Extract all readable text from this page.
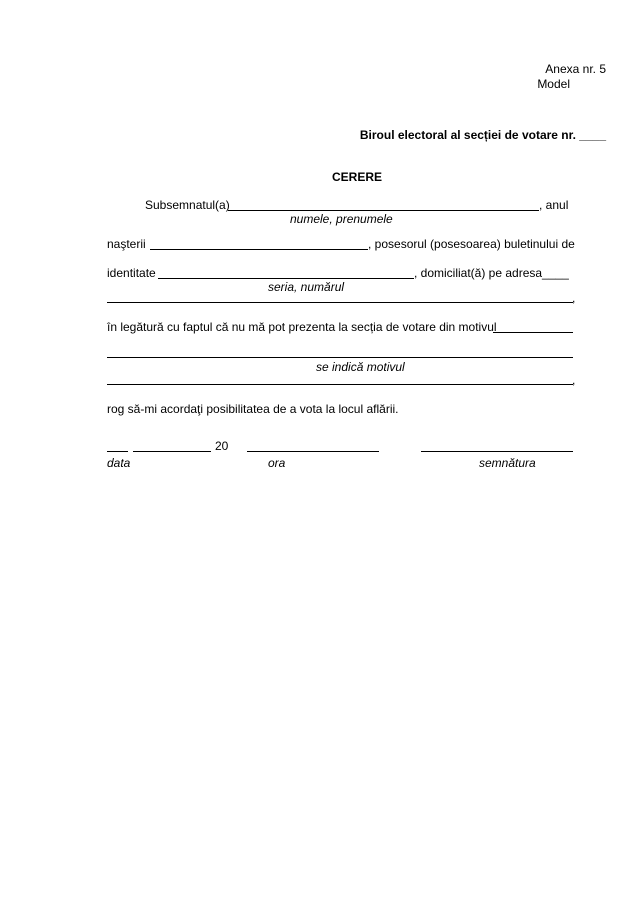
Anexa nr. 5
Model
Biroul electoral al secției de votare nr. ____
CERERE
Subsemnatul(a)	, anul
numele, prenumele
naşterii	, posesorul (posesoarea) buletinului de
identitate	, domiciliat(ă) pe adresa____
seria, numărul
,
în legătură cu faptul că nu mă pot prezenta la secția de votare din motivul
se indică motivul
,
rog să-mi acordaţi posibilitatea de a vota la locul aflării.
20
data	ora	semnătura
